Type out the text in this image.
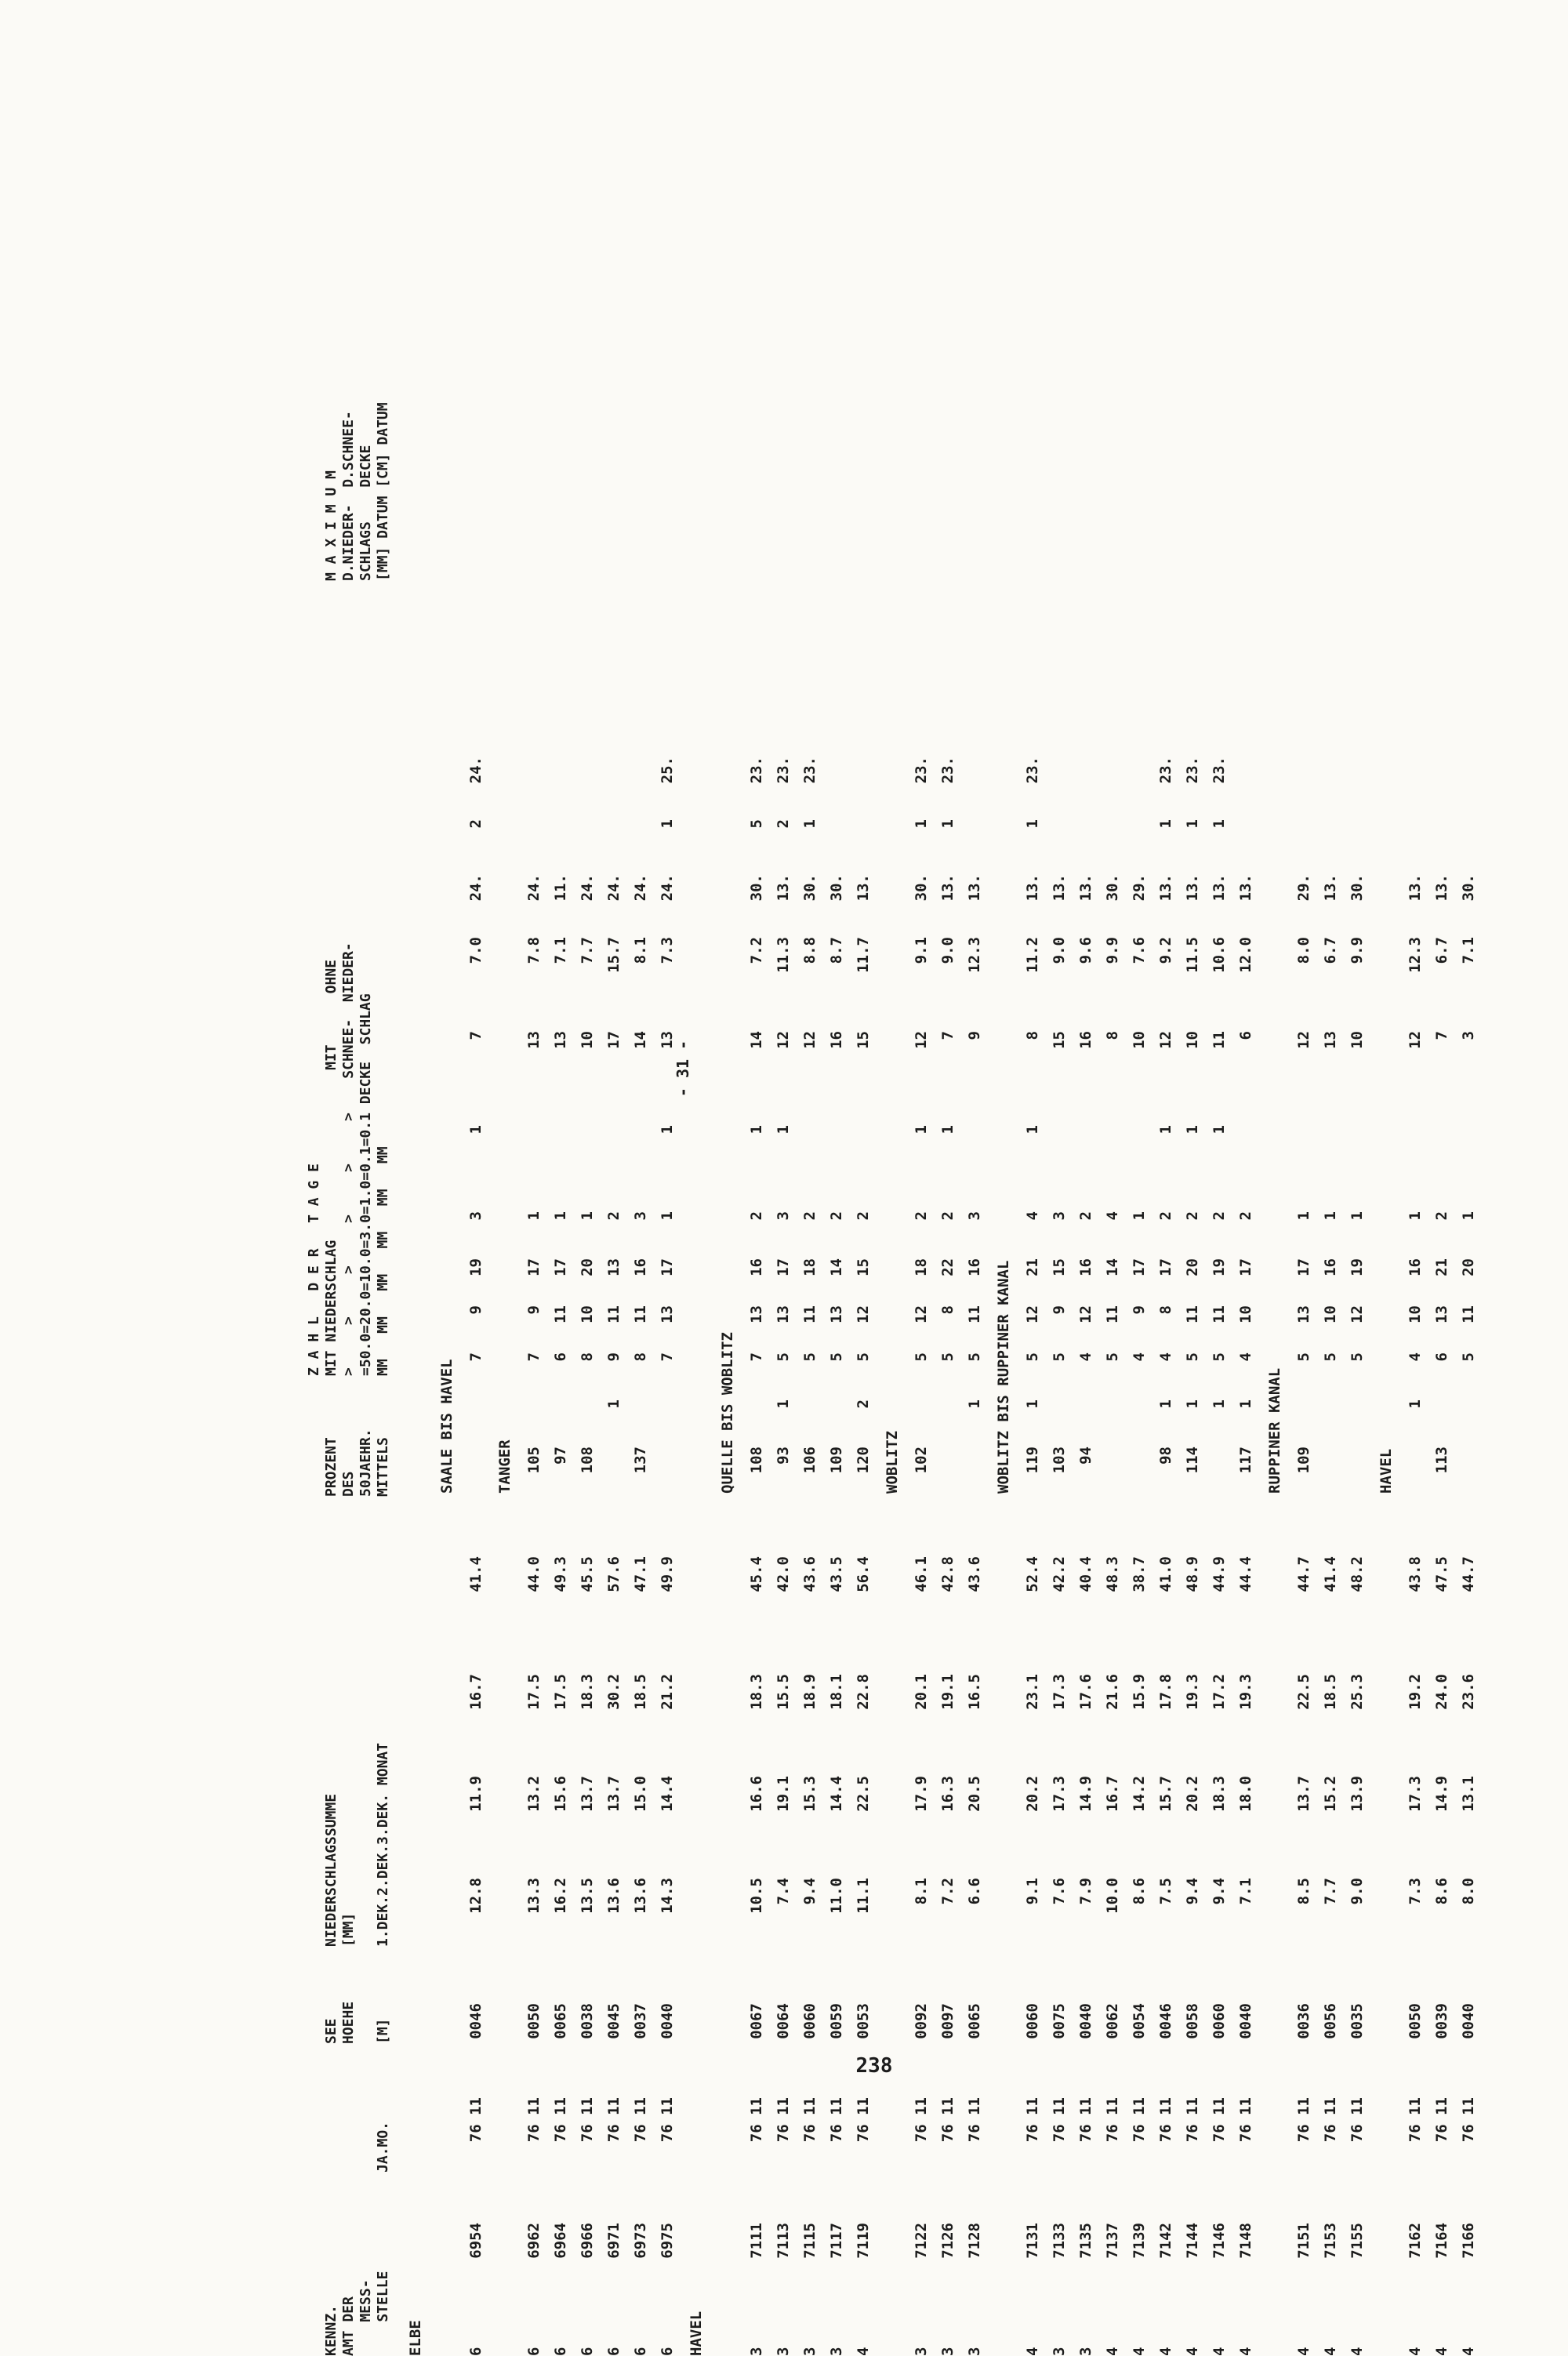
- 31 -
KENNZ.
AMT DER
MESS-
STELLE
JA.MO.
SEE
HOEHE

[M]
NIEDERSCHLAGSSUMME
[MM]

1.DEK.2.DEK.3.DEK. MONAT
PROZENT
DES
50JAEHR.
MITTELS
Z A H L   D E R   T A G E
MIT NIEDERSCHLAG                    MIT      OHNE
>     >     >     >     >     >    SCHNEE-  NIEDER-
=50.0=20.0=10.0=3.0=1.0=0.1=0.1 DECKE  SCHLAG
MM   MM   MM   MM   MM   MM
M A X I M U M
D.NIEDER-  D.SCHNEE-
SCHLAGS    DECKE
[MM] DATUM [CM] DATUM
ELBE
SAALE BIS HAVEL
6
6954
76 11
0046
12.8
11.9
16.7
41.4
7
9
19
3
1
7
7.0
24.
2
24.
TANGER
6
6962
76 11
0050
13.3
13.2
17.5
44.0
105
7
9
17
1
13
7.8
24.
6
6964
76 11
0065
16.2
15.6
17.5
49.3
97
6
11
17
1
13
7.1
11.
6
6966
76 11
0038
13.5
13.7
18.3
45.5
108
8
10
20
1
10
7.7
24.
6
6971
76 11
0045
13.6
13.7
30.2
57.6
1
9
11
13
2
17
15.7
24.
6
6973
76 11
0037
13.6
15.0
18.5
47.1
137
8
11
16
3
14
8.1
24.
6
6975
76 11
0040
14.3
14.4
21.2
49.9
7
13
17
1
1
13
7.3
24.
1
25.
HAVEL
QUELLE BIS WOBLITZ
3
7111
76 11
0067
10.5
16.6
18.3
45.4
108
7
13
16
2
1
14
7.2
30.
5
23.
3
7113
76 11
0064
7.4
19.1
15.5
42.0
93
1
5
13
17
3
1
12
11.3
13.
2
23.
3
7115
76 11
0060
9.4
15.3
18.9
43.6
106
5
11
18
2
12
8.8
30.
1
23.
3
7117
76 11
0059
11.0
14.4
18.1
43.5
109
5
13
14
2
16
8.7
30.
4
7119
76 11
0053
11.1
22.5
22.8
56.4
120
2
5
12
15
2
15
11.7
13.
WOBLITZ
3
7122
76 11
0092
8.1
17.9
20.1
46.1
102
5
12
18
2
1
12
9.1
30.
1
23.
3
7126
76 11
0097
7.2
16.3
19.1
42.8
5
8
22
2
1
7
9.0
13.
1
23.
3
7128
76 11
0065
6.6
20.5
16.5
43.6
1
5
11
16
3
9
12.3
13.
WOBLITZ BIS RUPPINER KANAL
4
7131
76 11
0060
9.1
20.2
23.1
52.4
119
1
5
12
21
4
1
8
11.2
13.
1
23.
3
7133
76 11
0075
7.6
17.3
17.3
42.2
103
5
9
15
3
15
9.0
13.
3
7135
76 11
0040
7.9
14.9
17.6
40.4
94
4
12
16
2
16
9.6
13.
4
7137
76 11
0062
10.0
16.7
21.6
48.3
5
11
14
4
8
9.9
30.
4
7139
76 11
0054
8.6
14.2
15.9
38.7
4
9
17
1
10
7.6
29.
4
7142
76 11
0046
7.5
15.7
17.8
41.0
98
1
4
8
17
2
1
12
9.2
13.
1
23.
4
7144
76 11
0058
9.4
20.2
19.3
48.9
114
1
5
11
20
2
1
10
11.5
13.
1
23.
4
7146
76 11
0060
9.4
18.3
17.2
44.9
1
5
11
19
2
1
11
10.6
13.
1
23.
4
7148
76 11
0040
7.1
18.0
19.3
44.4
117
1
4
10
17
2
6
12.0
13.
RUPPINER KANAL
4
7151
76 11
0036
8.5
13.7
22.5
44.7
109
5
13
17
1
12
8.0
29.
4
7153
76 11
0056
7.7
15.2
18.5
41.4
5
10
16
1
13
6.7
13.
4
7155
76 11
0035
9.0
13.9
25.3
48.2
5
12
19
1
10
9.9
30.
HAVEL
4
7162
76 11
0050
7.3
17.3
19.2
43.8
1
4
10
16
1
12
12.3
13.
4
7164
76 11
0039
8.6
14.9
24.0
47.5
113
6
13
21
2
7
6.7
13.
4
7166
76 11
0040
8.0
13.1
23.6
44.7
5
11
20
1
3
7.1
30.
238
